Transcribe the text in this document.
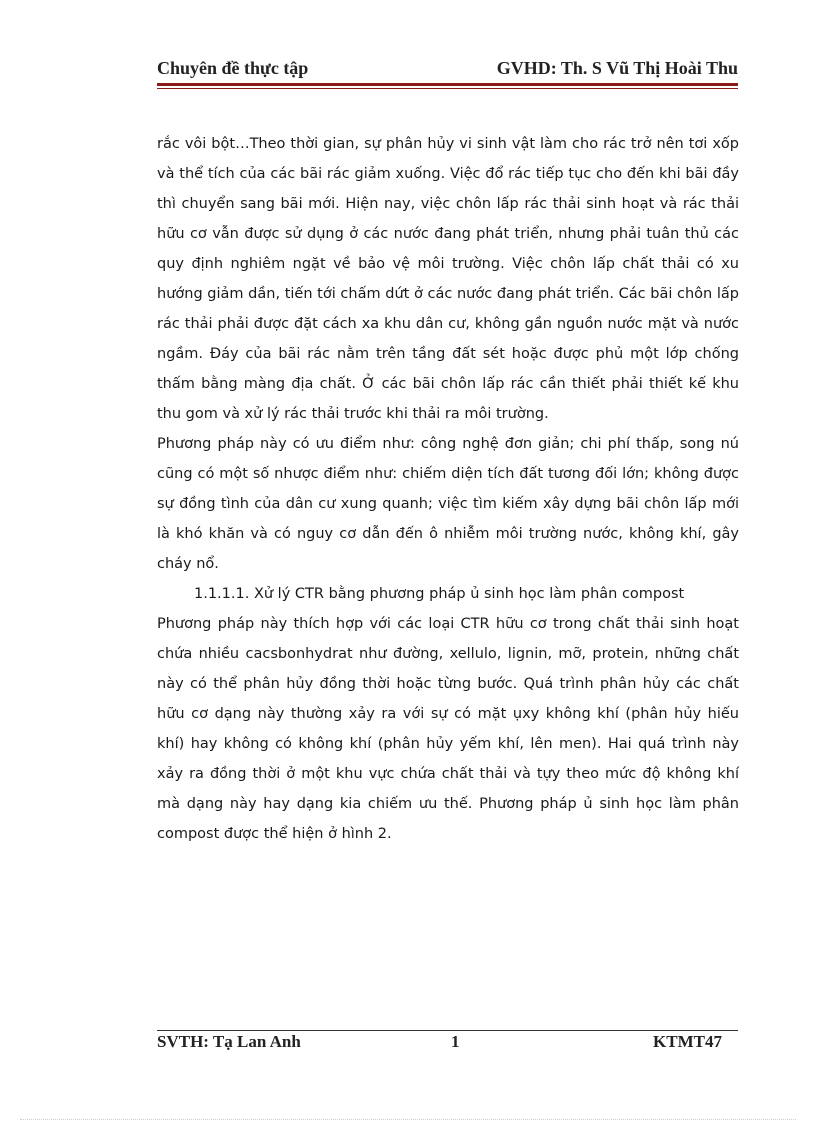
Chuyên đề thực tập	GVHD: Th. S Vũ Thị Hoài Thu

rắc vôi bột…Theo thời gian, sự phân hủy vi sinh vật làm cho rác trở nên tơi xốp và thể tích của các bãi rác giảm xuống. Việc đổ rác tiếp tục cho đến khi bãi đầy thì chuyển sang bãi mới. Hiện nay, việc chôn lấp rác thải sinh hoạt và rác thải hữu cơ vẫn được sử dụng ở các nước đang phát triển, nhưng phải tuân thủ các quy định nghiêm ngặt về bảo vệ môi trường. Việc chôn lấp chất thải có xu hướng giảm dần, tiến tới chấm dứt ở các nước đang phát triển. Các bãi chôn lấp rác thải phải được đặt cách xa khu dân cư, không gần nguồn nước mặt và nước ngầm. Đáy của bãi rác nằm trên tầng đất sét hoặc được phủ một lớp chống thấm bằng màng địa chất. Ở các bãi chôn lấp rác cần thiết phải thiết kế khu thu gom và xử lý rác thải trước khi thải ra môi trường.

Phương pháp này có ưu điểm như: công nghệ đơn giản; chi phí thấp, song nú cũng có một số nhược điểm như: chiếm diện tích đất tương đối lớn; không được sự đồng tình của dân cư xung quanh; việc tìm kiếm xây dựng bãi chôn lấp mới là khó khăn và có nguy cơ dẫn đến ô nhiễm môi trường nước, không khí, gây cháy nổ.

1.1.1.1. Xử lý CTR bằng phương pháp ủ sinh học làm phân compost

Phương pháp này thích hợp với các loại CTR hữu cơ trong chất thải sinh hoạt chứa nhiều cacsbonhydrat như đường, xellulo, lignin, mỡ, protein, những chất này có thể phân hủy đồng thời hoặc từng bước. Quá trình phân hủy các chất hữu cơ dạng này thường xảy ra với sự có mặt ụxy không khí (phân hủy hiếu khí) hay không có không khí (phân hủy yếm khí, lên men). Hai quá trình này xảy ra đồng thời ở một khu vực chứa chất thải và tựy theo mức độ không khí mà dạng này hay dạng kia chiếm ưu thế. Phương pháp ủ sinh học làm phân compost được thể hiện ở hình 2.

SVTH: Tạ Lan Anh	1	KTMT47
